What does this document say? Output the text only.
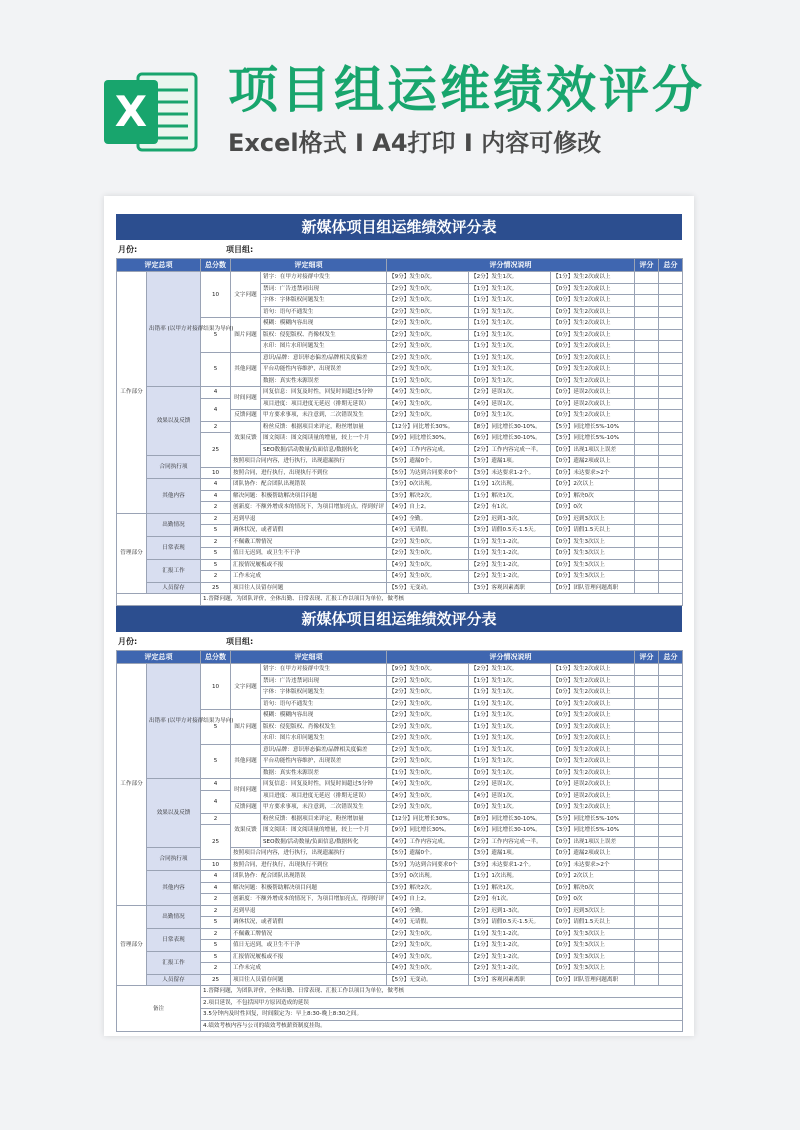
X 项目组运维绩效评分
Excel格式 I A4打印 I 内容可修改
新媒体项目组运维绩效评分表
月份:	项目组:
评定总项		总分数	评定细项		评分情况说明			评分	总分
工作部分	出错率 (以甲方对接群结果为导向)	10	文字问题	错字：在甲方对接群中发生	【9分】发生0次。	【2分】发生1次。	【1分】发生2次或以上		
				禁词：广告违禁词出现	【2分】发生0次。	【1分】发生1次。	【0分】发生2次或以上		
				字体：字体版权问题发生	【2分】发生0次。	【1分】发生1次。	【0分】发生2次或以上		
				语句：语句不通发生	【2分】发生0次。	【1分】发生1次。	【0分】发生2次或以上		
		5	图片问题	模糊：模糊内容出现	【2分】发生0次。	【1分】发生1次。	【0分】发生2次或以上		
				版权：侵犯版权、肖像权发生	【2分】发生0次。	【1分】发生1次。	【0分】发生2次或以上		
				水印：图片水印问题发生	【2分】发生0次。	【1分】发生1次。	【0分】发生2次或以上		
		5	其他问题	意识/品牌：意识形态偏差/品牌相关度偏差	【2分】发生0次。	【1分】发生1次。	【0分】发生2次或以上		
				平台功能性内容维护，出现误差	【2分】发生0次。	【1分】发生1次。	【0分】发生2次或以上		
				数据：真实性未源误差	【1分】发生0次。	【0分】发生1次。	【0分】发生2次或以上		
	效果以及反馈	4	时间问题	回复信息：回复及时性，回复时间超过5分钟	【4分】发生0次。	【2分】延误1次。	【0分】延误2次或以上		
		4		项目进度：项目进度无延迟（排期无延误）	【4分】发生0次。	【4分】延误1次。	【0分】延误2次或以上		
			反馈问题	甲方要求事项，未注意到，二次错误发生	【2分】发生0次。	【0分】发生1次。	【0分】发生2次或以上		
		2	效果反馈	粉丝反馈：根据项目来评定，粉丝增加量	【12分】同比增长30%。	【8分】同比增长30-10%。	【5分】同比增长5%-10%		
		25		图文阅读：图文阅读量的增量，较上一个月	【9分】同比增长30%。	【6分】同比增长30-10%。	【3分】同比增长5%-10%		
				SEO数据/活动数量/负面信息/数据转化	【4分】工作内容完成。	【2分】工作内容完成一半。	【0分】出现1项以上误差		
	合同执行项		按照项目合同内容，进行执行，出现遗漏执行		【5分】遗漏0个。	【3分】遗漏1项。	【0分】遗漏2项或以上		
		10	按照合同，进行执行，出现执行不到位		【5分】为达到合同要求0个	【3分】未达要求1-2个。	【0分】未达要求>2个		
	其他内容	4	团队协作：配合团队出现错误		【3分】0次出现。	【1分】1次出现。	【0分】2次以上		
		4	解决问题：积极帮助解决项目问题		【3分】解决2次。	【1分】解决1次。	【0分】解决0次		
		2	创新度：不额外增成本的情况下，为项目增加亮点，得到好评		【4分】自上2。	【2分】有1次。	【0分】0次		
管理部分	出勤情况	2	迟到早退		【4分】全勤。	【2分】迟到1-3次。	【0分】迟到3次以上		
		5	调休状况，或者请假		【4分】无请假。	【3分】请假0.5天-1.5天。	【0分】请假1.5天以上		
	日常表现	2	不佩戴工牌情况		【2分】发生0次。	【1分】发生1-2次。	【0分】发生3次以上		
		5	值日无迟到，或卫生不干净		【2分】发生0次。	【1分】发生1-2次。	【0分】发生3次以上		
	汇报工作	5	汇报情况履板或不报		【4分】发生0次。	【2分】发生1-2次。	【0分】发生3次以上		
		2	工作未完成		【4分】发生0次。	【2分】发生1-2次。	【0分】发生3次以上		
	人员留存	25	项目往人员留存问题		【5分】无变动。	【3分】客观因素离职	【0分】团队管理问题离职		
		1.晋降问题，为团队评价，全体出勤、日常表现、汇报工作以项目为单位，做考核							
新媒体项目组运维绩效评分表
月份:	项目组:
评定总项		总分数	评定细项		评分情况说明			评分	总分
工作部分	出错率 (以甲方对接群结果为导向)	10	文字问题	错字：在甲方对接群中发生	【9分】发生0次。	【2分】发生1次。	【1分】发生2次或以上		
				禁词：广告违禁词出现	【2分】发生0次。	【1分】发生1次。	【0分】发生2次或以上		
				字体：字体版权问题发生	【2分】发生0次。	【1分】发生1次。	【0分】发生2次或以上		
				语句：语句不通发生	【2分】发生0次。	【1分】发生1次。	【0分】发生2次或以上		
		5	图片问题	模糊：模糊内容出现	【2分】发生0次。	【1分】发生1次。	【0分】发生2次或以上		
				版权：侵犯版权、肖像权发生	【2分】发生0次。	【1分】发生1次。	【0分】发生2次或以上		
				水印：图片水印问题发生	【2分】发生0次。	【1分】发生1次。	【0分】发生2次或以上		
		5	其他问题	意识/品牌：意识形态偏差/品牌相关度偏差	【2分】发生0次。	【1分】发生1次。	【0分】发生2次或以上		
				平台功能性内容维护，出现误差	【2分】发生0次。	【1分】发生1次。	【0分】发生2次或以上		
				数据：真实性未源误差	【1分】发生0次。	【0分】发生1次。	【0分】发生2次或以上		
	效果以及反馈	4	时间问题	回复信息：回复及时性，回复时间超过5分钟	【4分】发生0次。	【2分】延误1次。	【0分】延误2次或以上		
		4		项目进度：项目进度无延迟（排期无延误）	【4分】发生0次。	【4分】延误1次。	【0分】延误2次或以上		
			反馈问题	甲方要求事项，未注意到，二次错误发生	【2分】发生0次。	【0分】发生1次。	【0分】发生2次或以上		
		2	效果反馈	粉丝反馈：根据项目来评定，粉丝增加量	【12分】同比增长30%。	【8分】同比增长30-10%。	【5分】同比增长5%-10%		
		25		图文阅读：图文阅读量的增量，较上一个月	【9分】同比增长30%。	【6分】同比增长30-10%。	【3分】同比增长5%-10%		
				SEO数据/活动数量/负面信息/数据转化	【4分】工作内容完成。	【2分】工作内容完成一半。	【0分】出现1项以上误差		
	合同执行项		按照项目合同内容，进行执行，出现遗漏执行		【5分】遗漏0个。	【3分】遗漏1项。	【0分】遗漏2项或以上		
		10	按照合同，进行执行，出现执行不到位		【5分】为达到合同要求0个	【3分】未达要求1-2个。	【0分】未达要求>2个		
	其他内容	4	团队协作：配合团队出现错误		【3分】0次出现。	【1分】1次出现。	【0分】2次以上		
		4	解决问题：积极帮助解决项目问题		【3分】解决2次。	【1分】解决1次。	【0分】解决0次		
		2	创新度：不额外增成本的情况下，为项目增加亮点，得到好评		【4分】自上2。	【2分】有1次。	【0分】0次		
管理部分	出勤情况	2	迟到早退		【4分】全勤。	【2分】迟到1-3次。	【0分】迟到3次以上		
		5	调休状况，或者请假		【4分】无请假。	【3分】请假0.5天-1.5天。	【0分】请假1.5天以上		
	日常表现	2	不佩戴工牌情况		【2分】发生0次。	【1分】发生1-2次。	【0分】发生3次以上		
		5	值日无迟到，或卫生不干净		【2分】发生0次。	【1分】发生1-2次。	【0分】发生3次以上		
	汇报工作	5	汇报情况履板或不报		【4分】发生0次。	【2分】发生1-2次。	【0分】发生3次以上		
		2	工作未完成		【4分】发生0次。	【2分】发生1-2次。	【0分】发生3次以上		
	人员留存	25	项目往人员留存问题		【5分】无变动。	【3分】客观因素离职	【0分】团队管理问题离职		
备注		1.晋降问题，为团队评价，全体出勤、日常表现、汇报工作以项目为单位，做考核							
		2.项目延误，不包括因甲方原因造成的延误							
		3.5分钟内及时性回复，时间限定为：早上8:30-晚上8:30之间。							
		4.绩效考核内容与公司的绩效考核薪资制度挂钩。							
